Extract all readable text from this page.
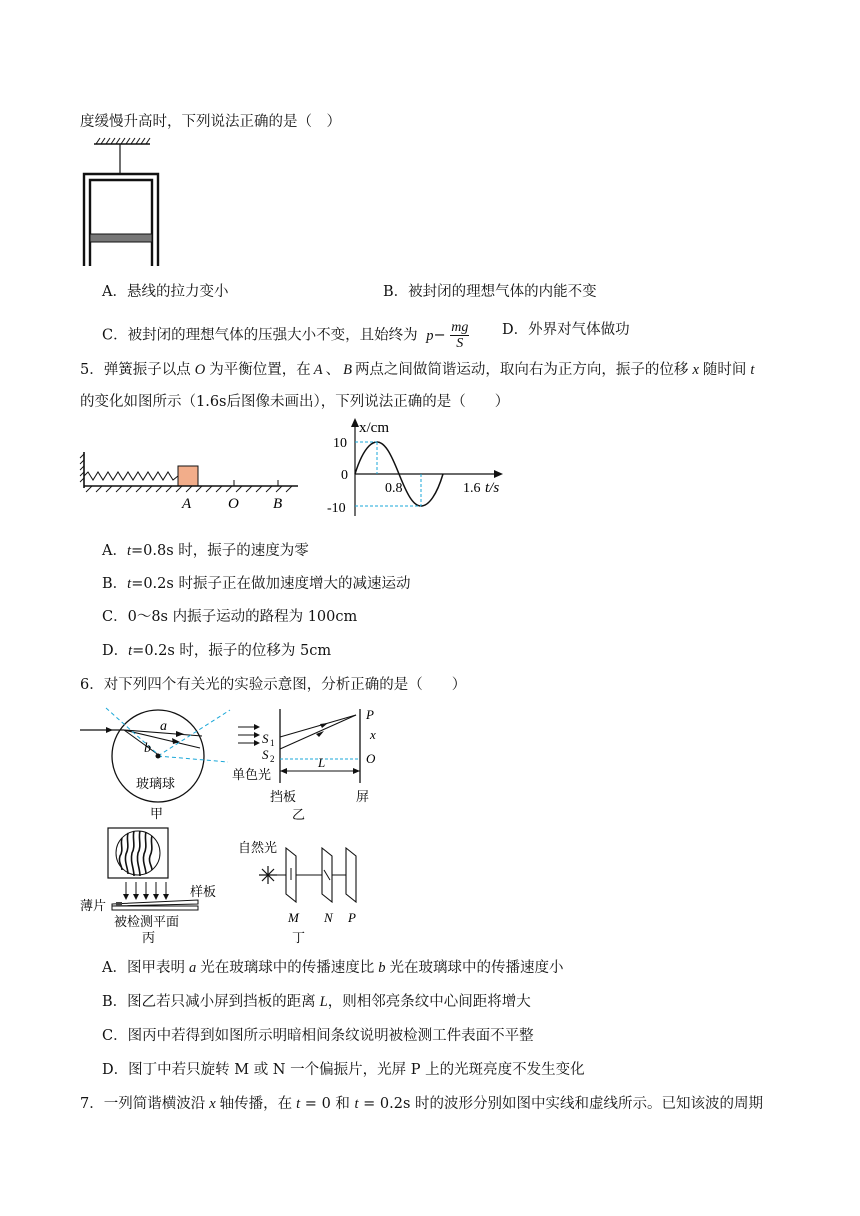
度缓慢升高时，下列说法正确的是（　）
A．悬线的拉力变小	B．被封闭的理想气体的内能不变
C．被封闭的理想气体的压强大小不变，且始终为 $p- \frac{mg}{S}$ D．外界对气体做功
5．弹簧振子以点 O 为平衡位置，在 A 、 B 两点之间做简谐运动，取向右为正方向，振子的位移 x 随时间 t
的变化如图所示（1.6s后图像未画出），下列说法正确的是（　　）
A O B
x/cm
10
0
-10
0.8	1.6 t/s
A．t=0.8s 时，振子的速度为零
B．t=0.2s 时振子正在做加速度增大的减速运动
C．0～8s 内振子运动的路程为 100cm
D．t=0.2s 时，振子的位移为 5cm
6．对下列四个有关光的实验示意图，分析正确的是（　　）
a
b
玻璃球
甲
S 1
S 2
P
x
O
L
单色光
挡板	屏
乙
薄片
样板
被检测平面
丙
自然光
M N P
丁
A．图甲表明 a 光在玻璃球中的传播速度比 b 光在玻璃球中的传播速度小
B．图乙若只减小屏到挡板的距离 L，则相邻亮条纹中心间距将增大
C．图丙中若得到如图所示明暗相间条纹说明被检测工件表面不平整
D．图丁中若只旋转 M 或 N 一个偏振片，光屏 P 上的光斑亮度不发生变化
7．一列简谐横波沿 x 轴传播，在 t = 0 和 t = 0.2s 时的波形分别如图中实线和虚线所示。已知该波的周期
